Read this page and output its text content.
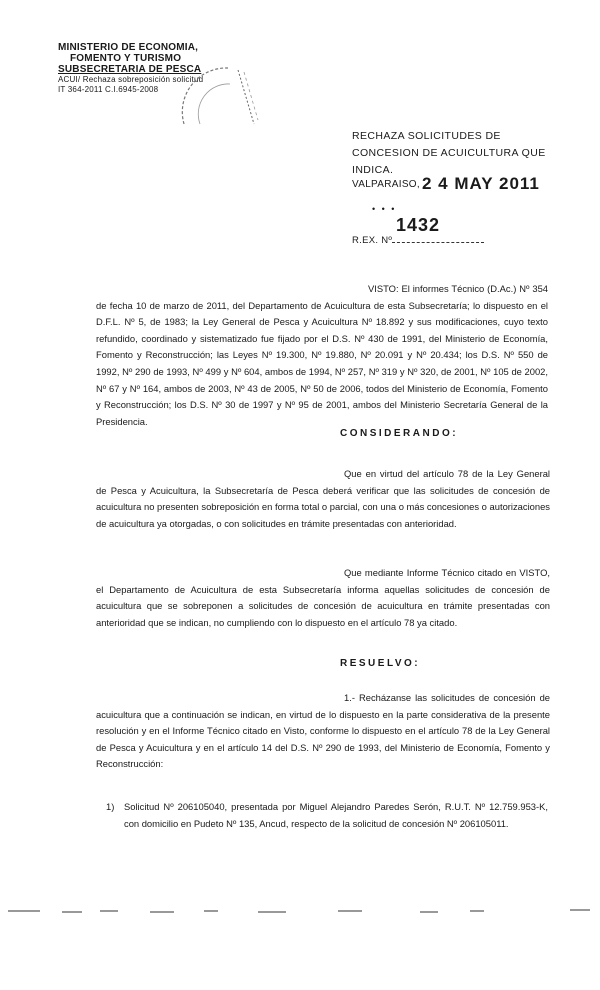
MINISTERIO DE ECONOMIA,
FOMENTO Y TURISMO
SUBSECRETARIA DE PESCA
ACUI/ Rechaza sobreposición solicitud
IT 364-2011 C.I.6945-2008
RECHAZA SOLICITUDES DE CONCESION DE ACUICULTURA QUE INDICA.
VALPARAISO, 2 4 MAY 2011
• • •
1432
R.EX. Nº
VISTO: El informes Técnico (D.Ac.) Nº 354 de fecha 10 de marzo de 2011, del Departamento de Acuicultura de esta Subsecretaría; lo dispuesto en el D.F.L. Nº 5, de 1983; la Ley General de Pesca y Acuicultura Nº 18.892 y sus modificaciones, cuyo texto refundido, coordinado y sistematizado fue fijado por el D.S. Nº 430 de 1991, del Ministerio de Economía, Fomento y Reconstrucción; las Leyes Nº 19.300, Nº 19.880, Nº 20.091 y Nº 20.434; los D.S. Nº 550 de 1992, Nº 290 de 1993, Nº 499 y Nº 604, ambos de 1994, Nº 257, Nº 319 y Nº 320, de 2001, Nº 105 de 2002, Nº 67 y Nº 164, ambos de 2003, Nº 43 de 2005, Nº 50 de 2006, todos del Ministerio de Economía, Fomento y Reconstrucción; los D.S. Nº 30 de 1997 y Nº 95 de 2001, ambos del Ministerio Secretaría General de la Presidencia.
CONSIDERANDO:
Que en virtud del artículo 78 de la Ley General de Pesca y Acuicultura, la Subsecretaría de Pesca deberá verificar que las solicitudes de concesión de acuicultura no presenten sobreposición en forma total o parcial, con una o más concesiones o autorizaciones de acuicultura ya otorgadas, o con solicitudes en trámite presentadas con anterioridad.
Que mediante Informe Técnico citado en VISTO, el Departamento de Acuicultura de esta Subsecretaría informa aquellas solicitudes de concesión de acuicultura que se sobreponen a solicitudes de concesión de acuicultura en trámite presentadas con anterioridad que se indican, no cumpliendo con lo dispuesto en el artículo 78 ya citado.
RESUELVO:
1.- Recházanse las solicitudes de concesión de acuicultura que a continuación se indican, en virtud de lo dispuesto en la parte considerativa de la presente resolución y en el Informe Técnico citado en Visto, conforme lo dispuesto en el artículo 78 de la Ley General de Pesca y Acuicultura y en el artículo 14 del D.S. Nº 290 de 1993, del Ministerio de Economía, Fomento y Reconstrucción:
1) Solicitud Nº 206105040, presentada por Miguel Alejandro Paredes Serón, R.U.T. Nº 12.759.953-K, con domicilio en Pudeto Nº 135, Ancud, respecto de la solicitud de concesión Nº 206105011.
